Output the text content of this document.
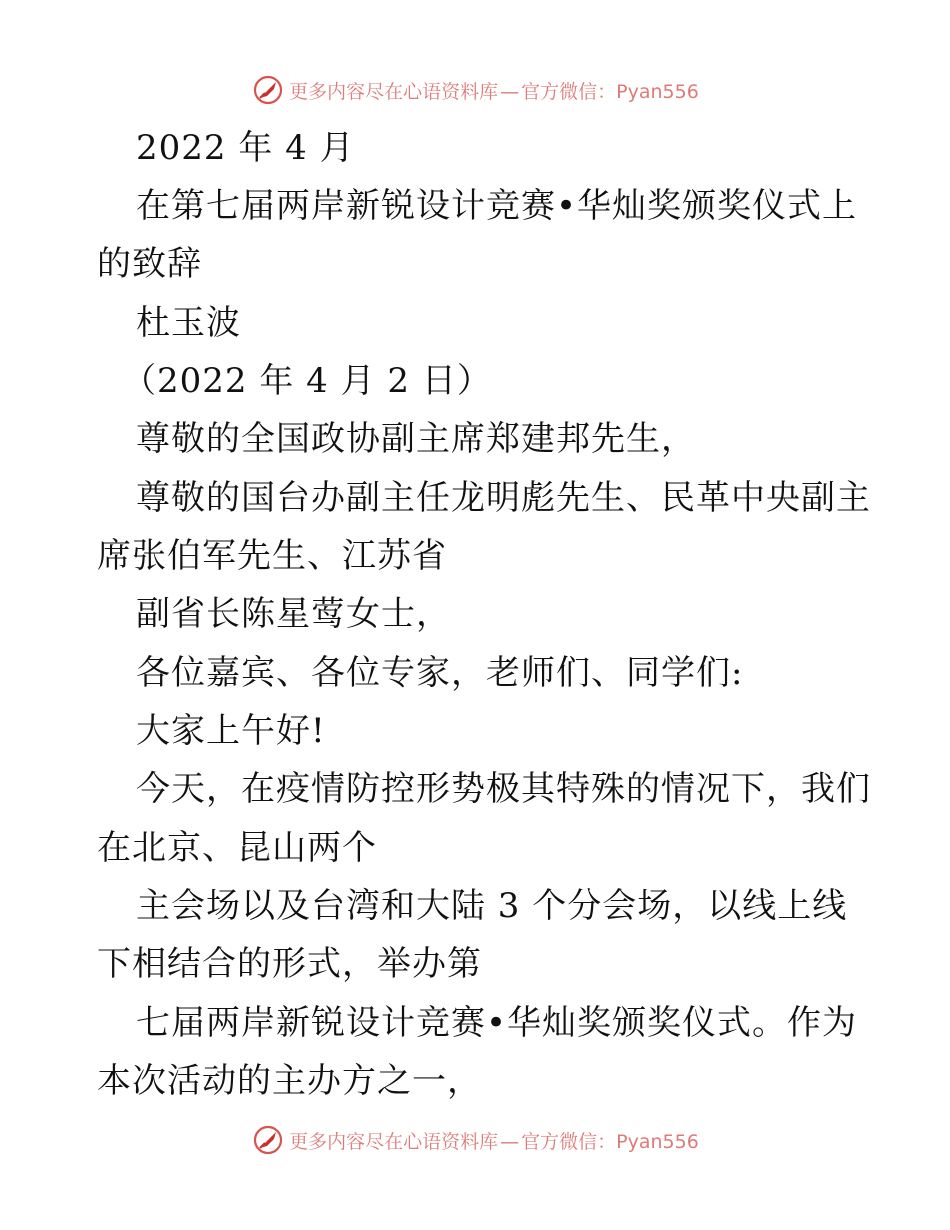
更多内容尽在心语资料库 — 官方微信：Pyan556
2022 年 4 月
在第七届两岸新锐设计竞赛•华灿奖颁奖仪式上
的致辞
杜玉波
（2022 年 4 月 2 日）
尊敬的全国政协副主席郑建邦先生，
尊敬的国台办副主任龙明彪先生、民革中央副主
席张伯军先生、江苏省
副省长陈星莺女士，
各位嘉宾、各位专家，老师们、同学们:
大家上午好!
今天，在疫情防控形势极其特殊的情况下，我们
在北京、昆山两个
主会场以及台湾和大陆 3 个分会场，以线上线
下相结合的形式，举办第
七届两岸新锐设计竞赛•华灿奖颁奖仪式。作为
本次活动的主办方之一，
更多内容尽在心语资料库 — 官方微信：Pyan556
